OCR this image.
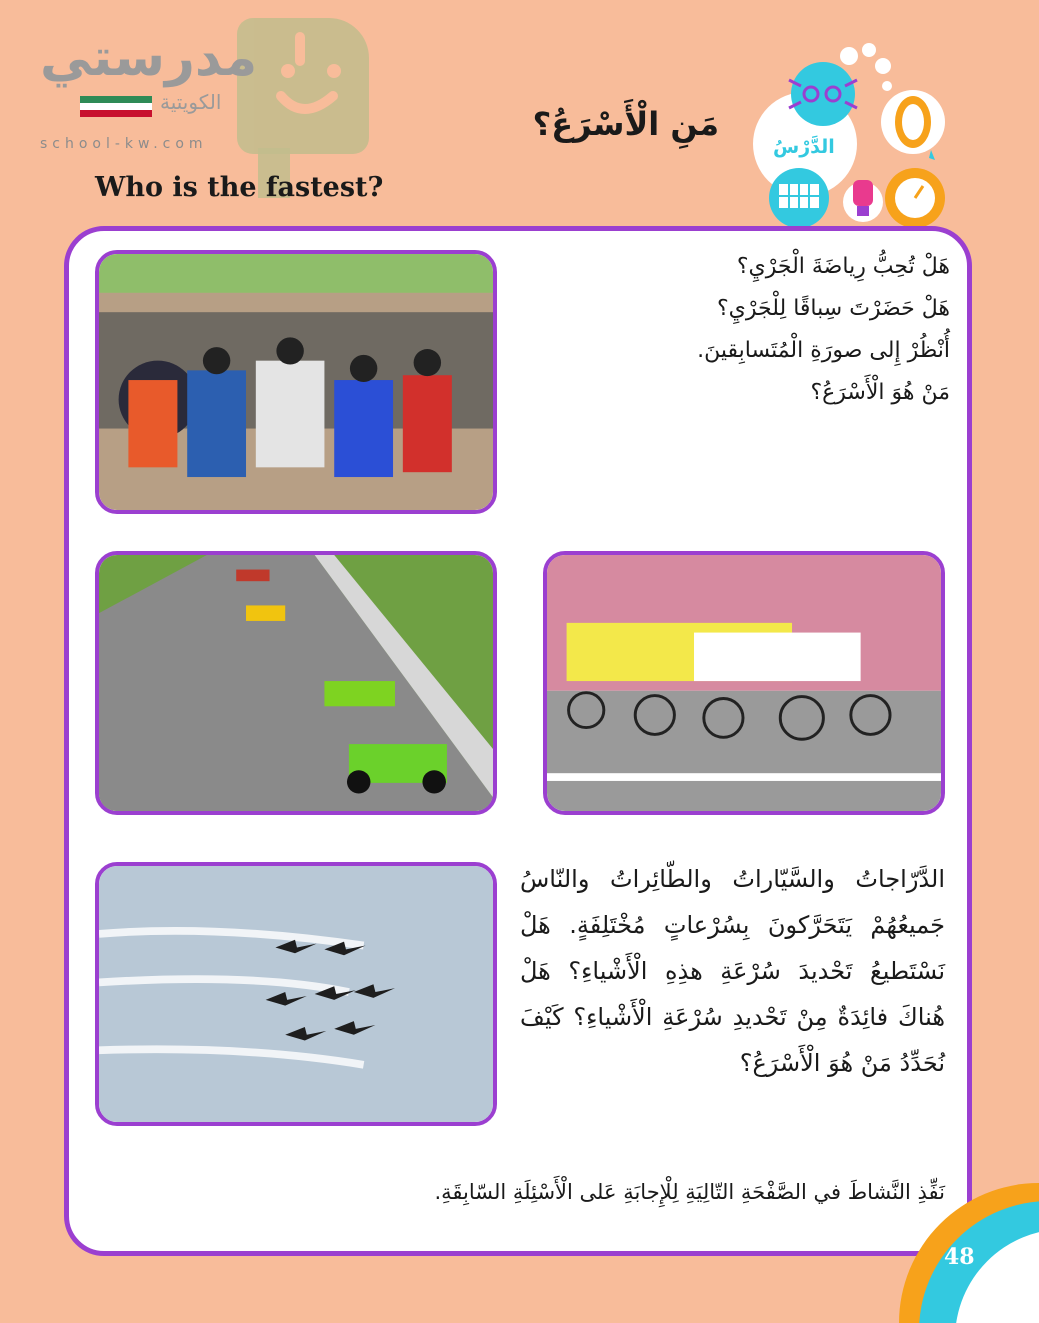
مدرستي
الكويتية
school-kw.com
مَنِ الْأَسْرَعُ؟
Who is the fastest?
الدَّرْسُ
هَلْ تُحِبُّ رِياضَةَ الْجَرْيِ؟
هَلْ حَضَرْتَ سِباقًا لِلْجَرْيِ؟
أُنْظُرْ إِلى صورَةِ الْمُتَسابِقينَ.
مَنْ هُوَ الْأَسْرَعُ؟
الدَّرّاجاتُ والسَّيّاراتُ والطّائِراتُ والنّاسُ جَميعُهُمْ يَتَحَرَّكونَ بِسُرْعاتٍ مُخْتَلِفَةٍ. هَلْ نَسْتَطيعُ تَحْديدَ سُرْعَةِ هذِهِ الْأَشْياءِ؟ هَلْ هُناكَ فائِدَةٌ مِنْ تَحْديدِ سُرْعَةِ الْأَشْياءِ؟ كَيْفَ نُحَدِّدُ مَنْ هُوَ الْأَسْرَعُ؟
نَفِّذِ النَّشاطَ في الصَّفْحَةِ التّالِيَةِ لِلْإِجابَةِ عَلى الْأَسْئِلَةِ السّابِقَةِ.
48
